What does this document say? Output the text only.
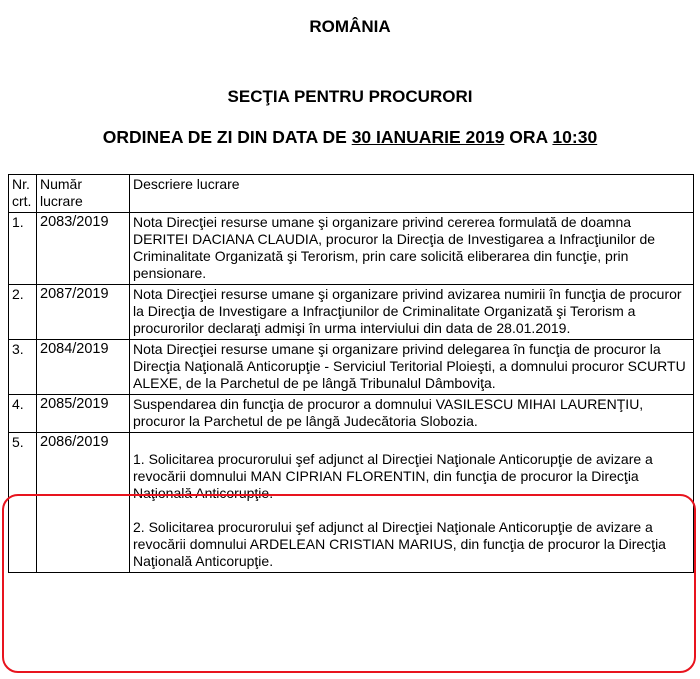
ROMÂNIA
SECŢIA PENTRU PROCURORI
ORDINEA DE ZI DIN DATA DE 30 IANUARIE 2019 ORA 10:30
Nr. crt.	Număr lucrare	Descriere lucrare
1.	2083/2019	Nota Direcţiei resurse umane şi organizare privind cererea formulată de doamna DERITEI DACIANA CLAUDIA, procuror la Direcţia de Investigarea a Infracţiunilor de Criminalitate Organizată şi Terorism, prin care solicită eliberarea din funcţie, prin pensionare.
2.	2087/2019	Nota Direcţiei resurse umane şi organizare privind avizarea numirii în funcţia de procuror la Direcţia de Investigare a Infracţiunilor de Criminalitate Organizată şi Terorism a procurorilor declaraţi admişi în urma interviului din data de 28.01.2019.
3.	2084/2019	Nota Direcţiei resurse umane şi organizare privind delegarea în funcţia de procuror la Direcţia Naţională Anticorupţie - Serviciul Teritorial Ploieşti, a domnului procuror SCURTU ALEXE, de la Parchetul de pe lângă Tribunalul Dâmboviţa.
4.	2085/2019	Suspendarea din funcţia de procuror a domnului VASILESCU MIHAI LAURENŢIU, procuror la Parchetul de pe lângă Judecătoria Slobozia.
5.	2086/2019	1. Solicitarea procurorului şef adjunct al Direcţiei Naţionale Anticorupţie de avizare a revocării domnului MAN CIPRIAN FLORENTIN, din funcţia de procuror la Direcţia Naţională Anticorupţie.
2. Solicitarea procurorului şef adjunct al Direcţiei Naţionale Anticorupţie de avizare a revocării domnului ARDELEAN CRISTIAN MARIUS, din funcţia de procuror la Direcţia Naţională Anticorupţie.
